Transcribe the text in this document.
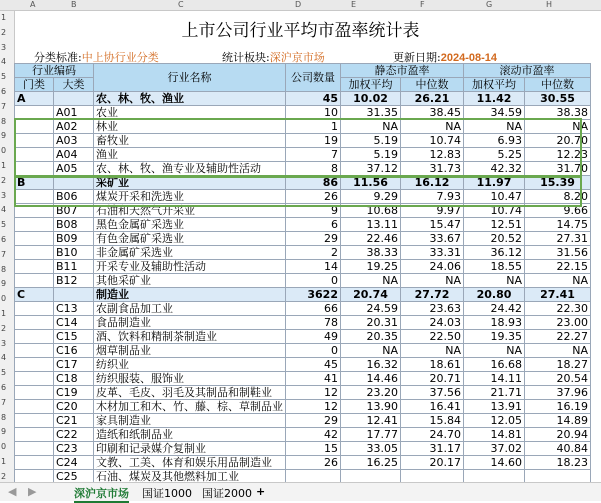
A	B	C	D	E	F	G	H
1
2
3
4
5
6
7
8
9
0
1
2
3
4
5
6
7
8
9
0
1
2
3
4
5
6
7
8
9
0
1
2
上市公司行业平均市盈率统计表
分类标准:中上协行业分类	统计板块:深沪京市场	更新日期:2024-08-14
行业编码		行业名称	公司数量	静态市盈率		滚动市盈率	
门类	大类			加权平均	中位数	加权平均	中位数
A		农、林、牧、渔业	45	10.02	26.21	11.42	30.55
	A01	农业	10	31.35	38.45	34.59	38.38
	A02	林业	1	NA	NA	NA	NA
	A03	畜牧业	19	5.19	10.74	6.93	20.70
	A04	渔业	7	5.19	12.83	5.25	12.23
	A05	农、林、牧、渔专业及辅助性活动	8	37.12	31.73	42.32	31.70
B		采矿业	86	11.56	16.12	11.97	15.39
	B06	煤炭开采和洗选业	26	9.29	7.93	10.47	8.20
	B07	石油和天然气开采业	9	10.68	9.97	10.74	9.66
	B08	黑色金属矿采选业	6	13.11	15.47	12.51	14.75
	B09	有色金属矿采选业	29	22.46	33.67	20.52	27.31
	B10	非金属矿采选业	2	38.33	33.31	36.12	31.56
	B11	开采专业及辅助性活动	14	19.25	24.06	18.55	22.15
	B12	其他采矿业	0	NA	NA	NA	NA
C		制造业	3622	20.74	27.72	20.80	27.41
	C13	农副食品加工业	66	24.59	23.63	24.42	22.30
	C14	食品制造业	78	20.31	24.03	18.93	23.00
	C15	酒、饮料和精制茶制造业	49	20.35	22.50	19.35	22.27
	C16	烟草制品业	0	NA	NA	NA	NA
	C17	纺织业	45	16.32	18.61	16.68	18.27
	C18	纺织服装、服饰业	41	14.46	20.71	14.11	20.54
	C19	皮革、毛皮、羽毛及其制品和制鞋业	12	23.20	37.56	21.71	37.96
	C20	木材加工和木、竹、藤、棕、草制品业	12	13.90	16.41	13.91	16.19
	C21	家具制造业	29	12.41	15.84	12.05	14.89
	C22	造纸和纸制品业	42	17.77	24.70	14.81	20.94
	C23	印刷和记录媒介复制业	15	33.05	31.17	37.02	40.84
	C24	文教、工美、体育和娱乐用品制造业	26	16.25	20.17	14.60	18.23
	C25	石油、煤炭及其他燃料加工业					
◀ ▶	深沪京市场 国证1000 国证2000 +
